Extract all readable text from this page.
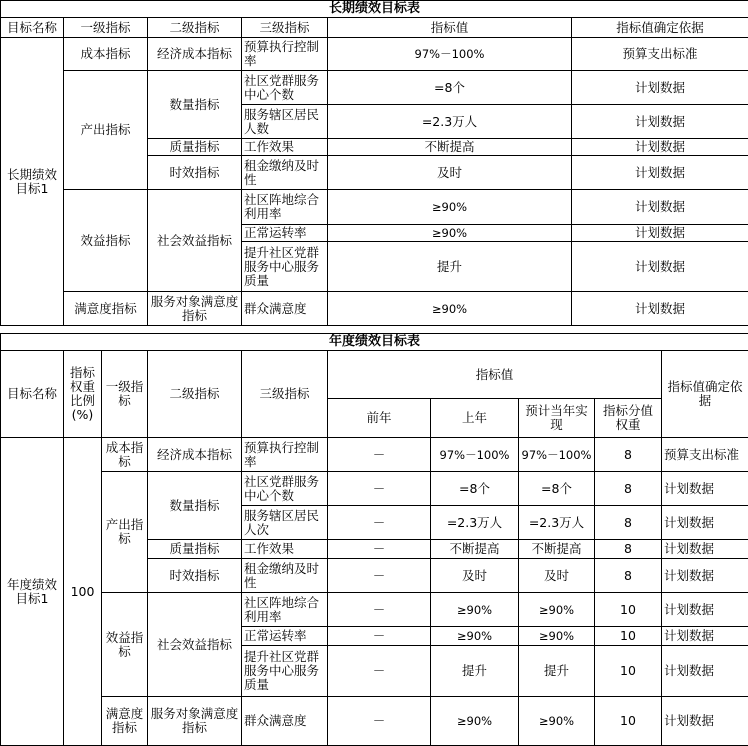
长期绩效目标表					
目标名称	一级指标	二级指标	三级指标	指标值	指标值确定依据
长期绩效目标1	成本指标	经济成本指标	预算执行控制率	97%－100%	预算支出标准
	产出指标	数量指标	社区党群服务中心个数	=8个	计划数据
			服务辖区居民人数	=2.3万人	计划数据
		质量指标	工作效果	不断提高	计划数据
		时效指标	租金缴纳及时性	及时	计划数据
	效益指标	社会效益指标	社区阵地综合利用率	≥90%	计划数据
			正常运转率	≥90%	计划数据
			提升社区党群服务中心服务质量	提升	计划数据
	满意度指标	服务对象满意度指标	群众满意度	≥90%	计划数据
年度绩效目标表									
目标名称	指标权重比例(%)	一级指标	二级指标	三级指标	指标值				指标值确定依据
					前年	上年	预计当年实现	指标分值权重	
年度绩效目标1	100	成本指标	经济成本指标	预算执行控制率	－	97%－100%	97%－100%	8	预算支出标准
		产出指标	数量指标	社区党群服务中心个数	－	=8个	=8个	8	计划数据
				服务辖区居民人次	－	=2.3万人	=2.3万人	8	计划数据
			质量指标	工作效果	－	不断提高	不断提高	8	计划数据
			时效指标	租金缴纳及时性	－	及时	及时	8	计划数据
		效益指标	社会效益指标	社区阵地综合利用率	－	≥90%	≥90%	10	计划数据
				正常运转率	－	≥90%	≥90%	10	计划数据
				提升社区党群服务中心服务质量	－	提升	提升	10	计划数据
		满意度指标	服务对象满意度指标	群众满意度	－	≥90%	≥90%	10	计划数据
